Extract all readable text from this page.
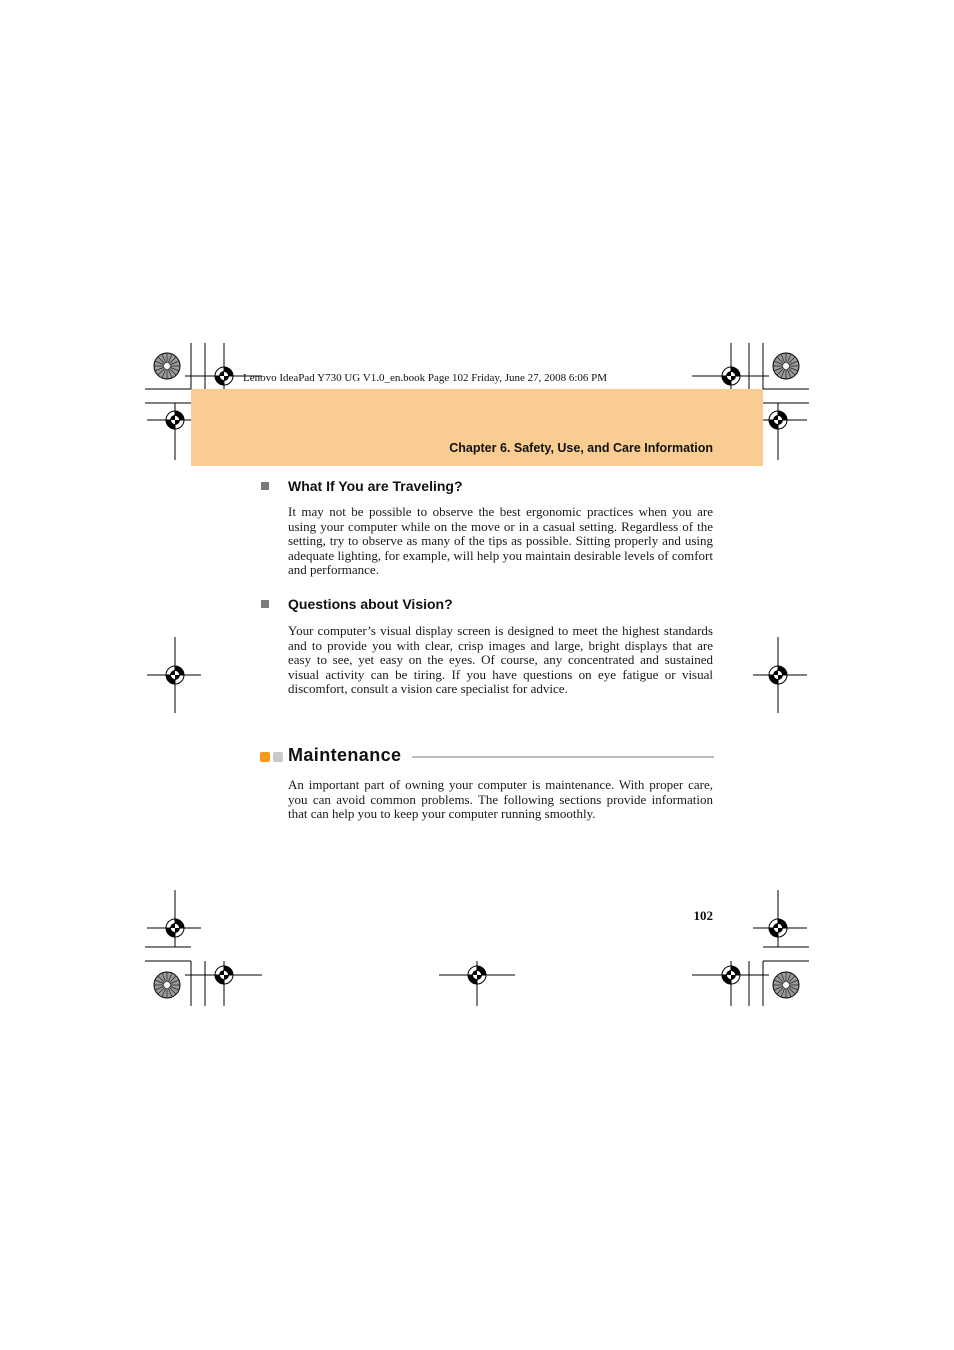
Lenovo IdeaPad Y730 UG V1.0_en.book Page 102 Friday, June 27, 2008 6:06 PM
Chapter 6. Safety, Use, and Care Information
What If You are Traveling?

It may not be possible to observe the best ergonomic practices when you are using your computer while on the move or in a casual setting. Regardless of the setting, try to observe as many of the tips as possible. Sitting properly and using adequate lighting, for example, will help you maintain desirable levels of comfort and performance.

Questions about Vision?

Your computer’s visual display screen is designed to meet the highest standards and to provide you with clear, crisp images and large, bright displays that are easy to see, yet easy on the eyes. Of course, any concentrated and sustained visual activity can be tiring. If you have questions on eye fatigue or visual discomfort, consult a vision care specialist for advice.

Maintenance

An important part of owning your computer is maintenance. With proper care, you can avoid common problems. The following sections provide information that can help you to keep your computer running smoothly.

102
